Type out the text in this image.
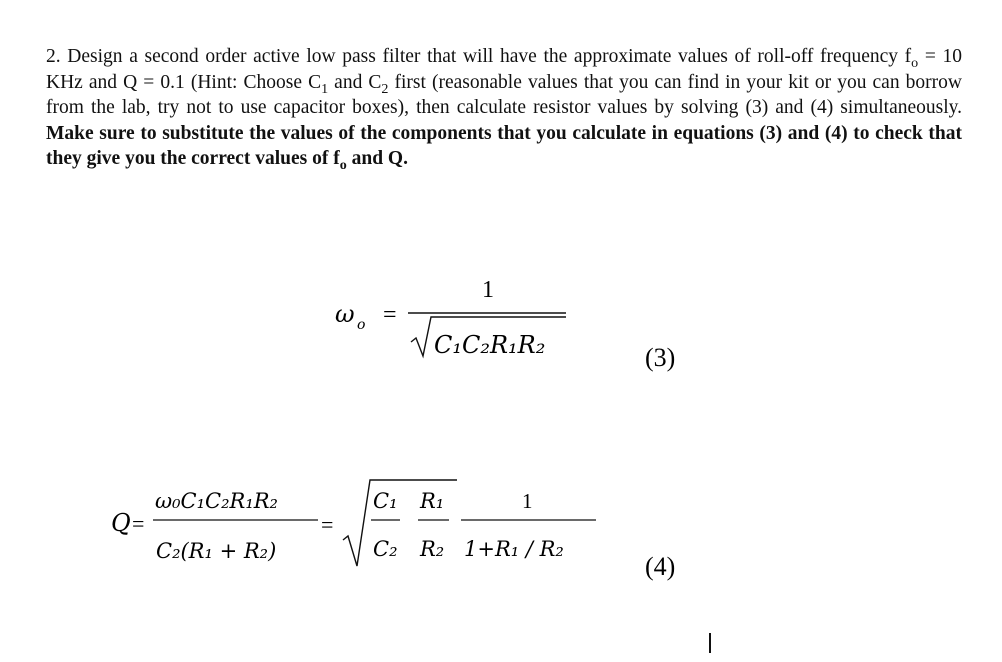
2. Design a second order active low pass filter that will have the approximate values of roll-off frequency $f_o = 10$ KHz and Q = 0.1 (Hint: Choose $C_1$ and $C_2$ first (reasonable values that you can find in your kit or you can borrow from the lab, try not to use capacitor boxes), then calculate resistor values by solving (3) and (4) simultaneously. Make sure to substitute the values of the components that you calculate in equations (3) and (4) to check that they give you the correct values of $f_o$ and Q.

ω o =
1
C₁C₂R₁R₂	(3)
Q =
ω₀C₁C₂R₁R₂
C₂(R₁ + R₂)
=
C₁
C₂
R₁
R₂
1
1+R₁ / R₂
(4)
